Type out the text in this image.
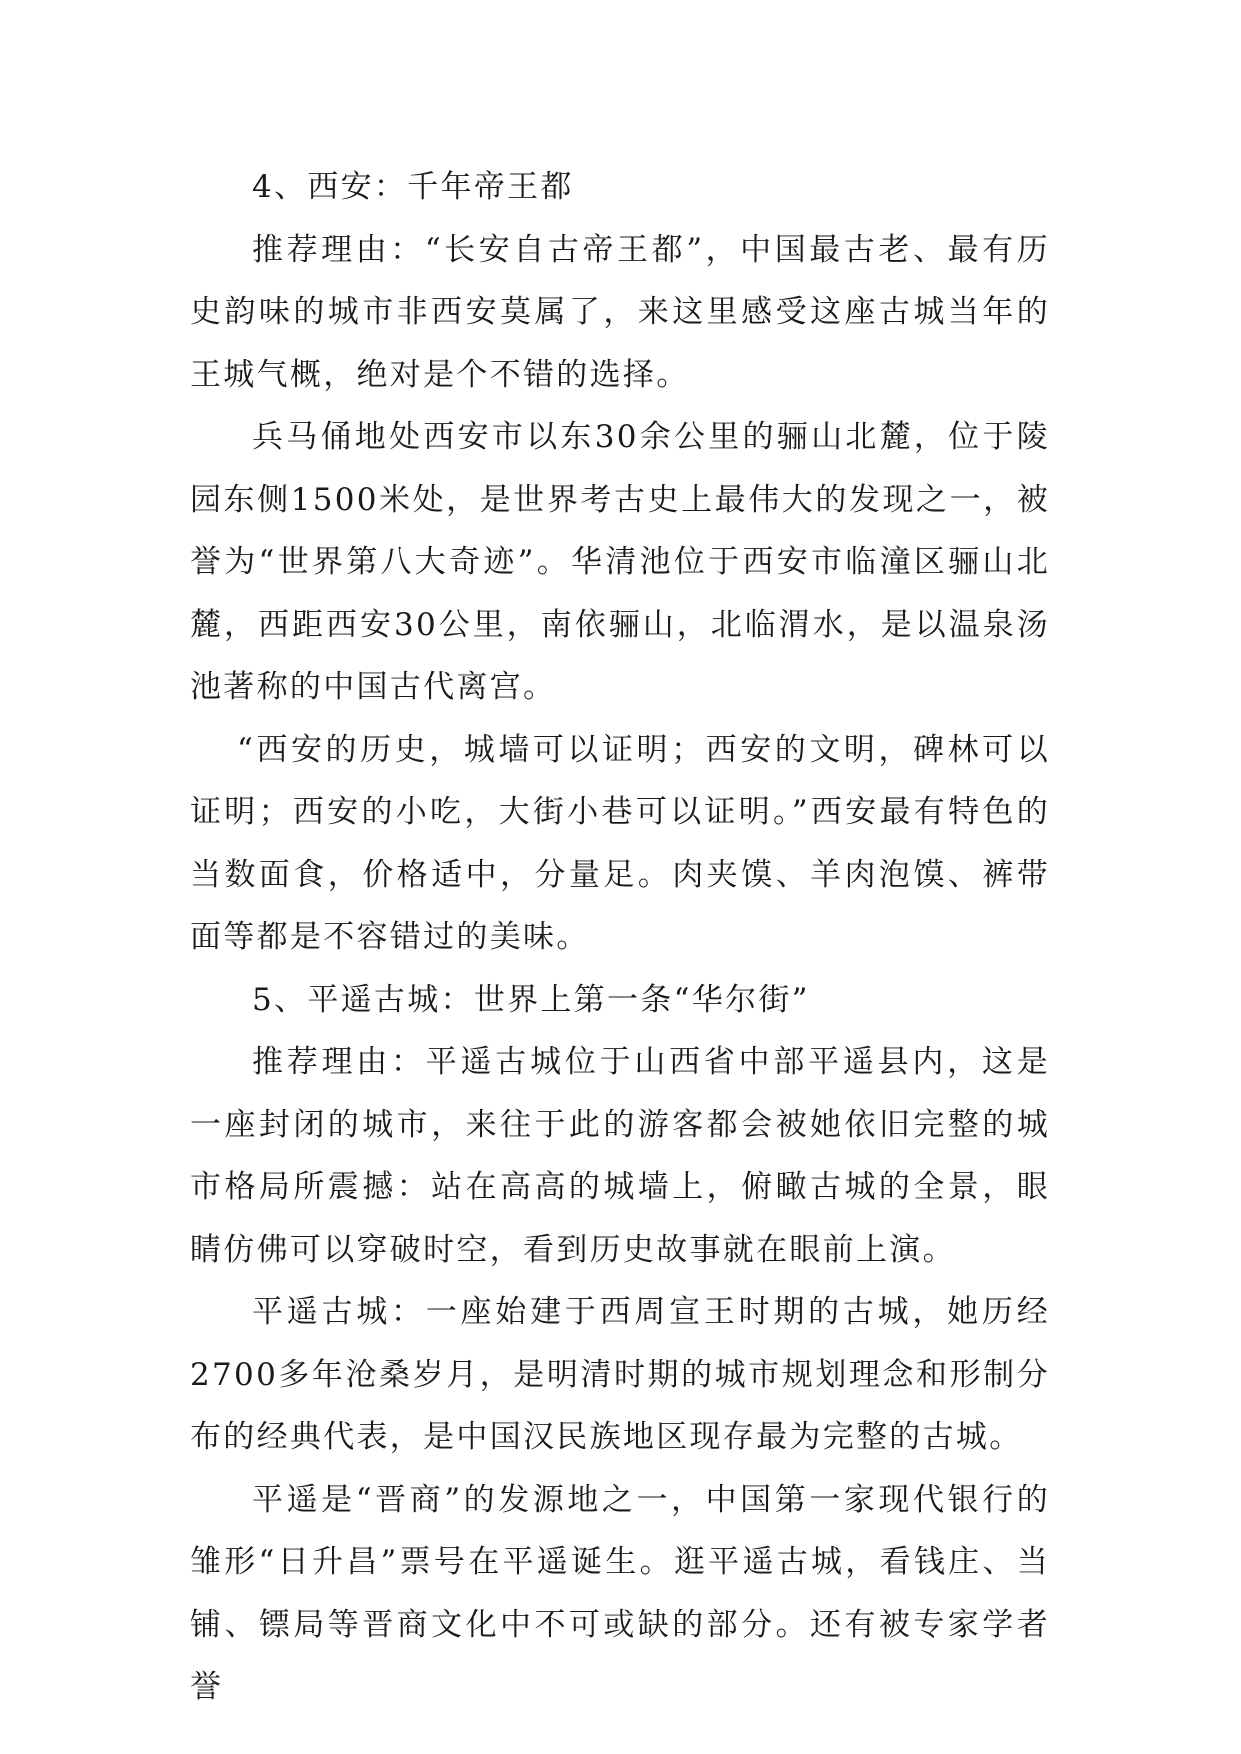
4、西安：千年帝王都

推荐理由：“长安自古帝王都”，中国最古老、最有历史韵味的城市非西安莫属了，来这里感受这座古城当年的王城气概，绝对是个不错的选择。

兵马俑地处西安市以东30余公里的骊山北麓，位于陵园东侧1500米处，是世界考古史上最伟大的发现之一，被誉为“世界第八大奇迹”。华清池位于西安市临潼区骊山北麓，西距西安30公里，南依骊山，北临渭水，是以温泉汤池著称的中国古代离宫。

“西安的历史，城墙可以证明；西安的文明，碑林可以证明；西安的小吃，大街小巷可以证明。”西安最有特色的当数面食，价格适中，分量足。肉夹馍、羊肉泡馍、裤带面等都是不容错过的美味。

5、平遥古城：世界上第一条“华尔街”

推荐理由：平遥古城位于山西省中部平遥县内，这是一座封闭的城市，来往于此的游客都会被她依旧完整的城市格局所震撼：站在高高的城墙上，俯瞰古城的全景，眼睛仿佛可以穿破时空，看到历史故事就在眼前上演。

平遥古城：一座始建于西周宣王时期的古城，她历经2700多年沧桑岁月，是明清时期的城市规划理念和形制分布的经典代表，是中国汉民族地区现存最为完整的古城。

平遥是“晋商”的发源地之一，中国第一家现代银行的雏形“日升昌”票号在平遥诞生。逛平遥古城，看钱庄、当铺、镖局等晋商文化中不可或缺的部分。还有被专家学者誉
